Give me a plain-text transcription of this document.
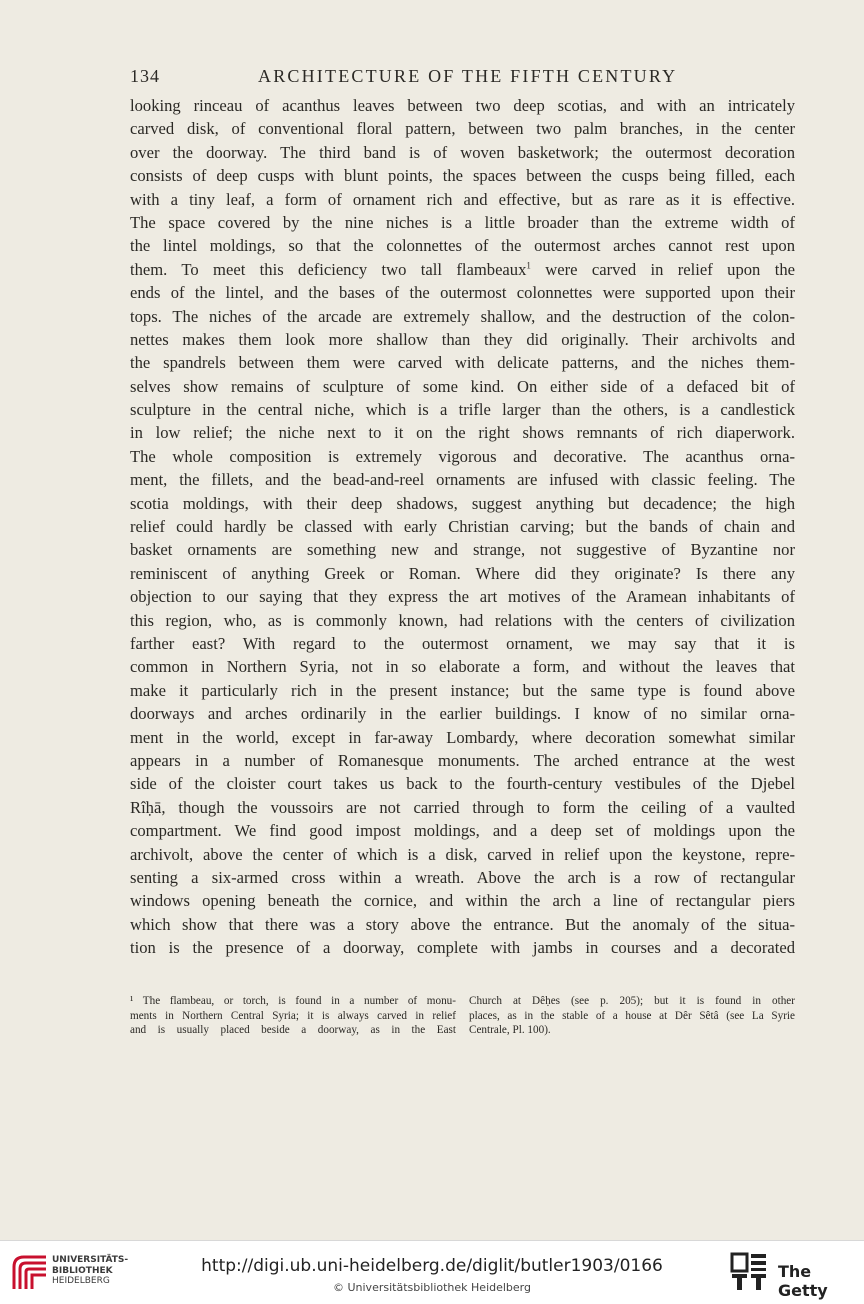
134	ARCHITECTURE OF THE FIFTH CENTURY
looking rinceau of acanthus leaves between two deep scotias, and with an intricately
carved disk, of conventional floral pattern, between two palm branches, in the center
over the doorway. The third band is of woven basketwork; the outermost decoration
consists of deep cusps with blunt points, the spaces between the cusps being filled, each
with a tiny leaf, a form of ornament rich and effective, but as rare as it is effective.
The space covered by the nine niches is a little broader than the extreme width of
the lintel moldings, so that the colonnettes of the outermost arches cannot rest upon
them. To meet this deficiency two tall flambeaux$^1$ were carved in relief upon the
ends of the lintel, and the bases of the outermost colonnettes were supported upon their
tops. The niches of the arcade are extremely shallow, and the destruction of the colon-
nettes makes them look more shallow than they did originally. Their archivolts and
the spandrels between them were carved with delicate patterns, and the niches them-
selves show remains of sculpture of some kind. On either side of a defaced bit of
sculpture in the central niche, which is a trifle larger than the others, is a candlestick
in low relief; the niche next to it on the right shows remnants of rich diaperwork.
The whole composition is extremely vigorous and decorative. The acanthus orna-
ment, the fillets, and the bead-and-reel ornaments are infused with classic feeling. The
scotia moldings, with their deep shadows, suggest anything but decadence; the high
relief could hardly be classed with early Christian carving; but the bands of chain and
basket ornaments are something new and strange, not suggestive of Byzantine nor
reminiscent of anything Greek or Roman. Where did they originate? Is there any
objection to our saying that they express the art motives of the Aramean inhabitants of
this region, who, as is commonly known, had relations with the centers of civilization
farther east? With regard to the outermost ornament, we may say that it is
common in Northern Syria, not in so elaborate a form, and without the leaves that
make it particularly rich in the present instance; but the same type is found above
doorways and arches ordinarily in the earlier buildings. I know of no similar orna-
ment in the world, except in far-away Lombardy, where decoration somewhat similar
appears in a number of Romanesque monuments. The arched entrance at the west
side of the cloister court takes us back to the fourth-century vestibules of the Djebel
Rîḥā, though the voussoirs are not carried through to form the ceiling of a vaulted
compartment. We find good impost moldings, and a deep set of moldings upon the
archivolt, above the center of which is a disk, carved in relief upon the keystone, repre-
senting a six-armed cross within a wreath. Above the arch is a row of rectangular
windows opening beneath the cornice, and within the arch a line of rectangular piers
which show that there was a story above the entrance. But the anomaly of the situa-
tion is the presence of a doorway, complete with jambs in courses and a decorated
¹ The flambeau, or torch, is found in a number of monu-
ments in Northern Central Syria; it is always carved in relief
and is usually placed beside a doorway, as in the East
Church at Dêḥes (see p. 205); but it is found in other
places, as in the stable of a house at Dêr Sêtâ (see La Syrie
Centrale, Pl. 100).
UNIVERSITÄTS-
BIBLIOTHEK
HEIDELBERG
http://digi.ub.uni-heidelberg.de/diglit/butler1903/0166
© Universitätsbibliothek Heidelberg
The Getty
